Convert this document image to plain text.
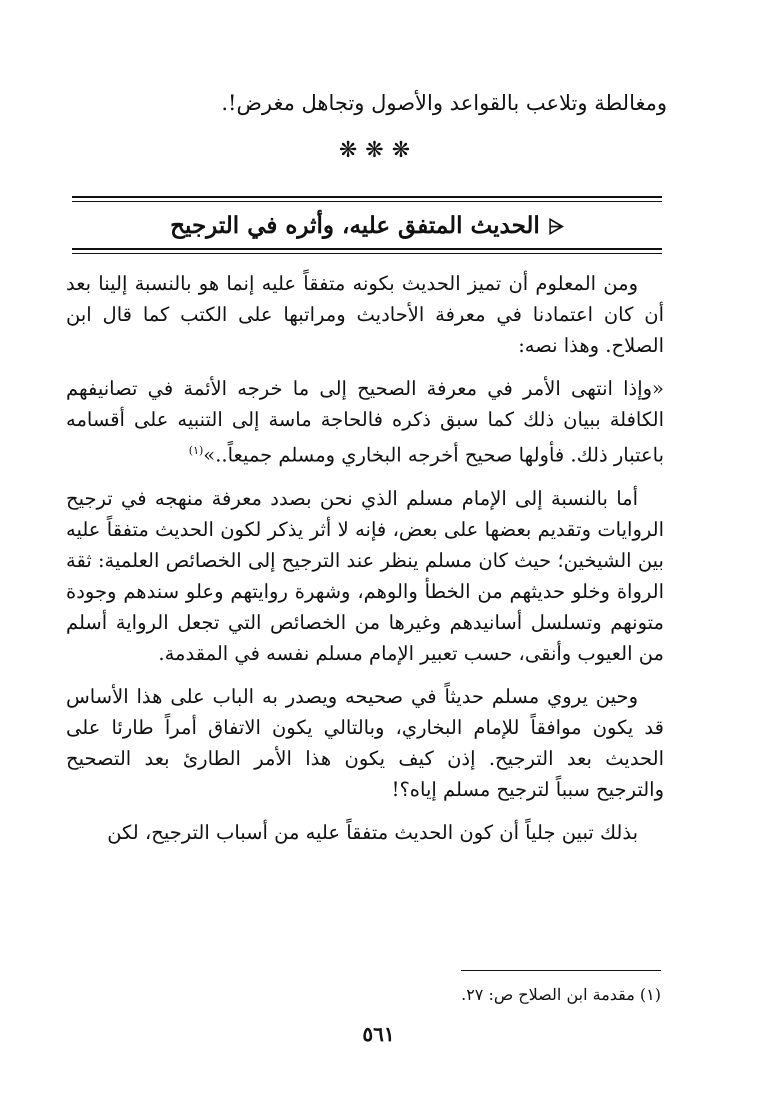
ومغالطة وتلاعب بالقواعد والأصول وتجاهل مغرض!.
❋❋❋
⩤الحديث المتفق عليه، وأثره في الترجيح

ومن المعلوم أن تميز الحديث بكونه متفقاً عليه إنما هو بالنسبة إلينا بعد أن كان اعتمادنا في معرفة الأحاديث ومراتبها على الكتب كما قال ابن الصلاح. وهذا نصه:

«وإذا انتهى الأمر في معرفة الصحيح إلى ما خرجه الأئمة في تصانيفهم الكافلة ببيان ذلك كما سبق ذكره فالحاجة ماسة إلى التنبيه على أقسامه باعتبار ذلك. فأولها صحيح أخرجه البخاري ومسلم جميعاً..»$^{(١)}$

أما بالنسبة إلى الإمام مسلم الذي نحن بصدد معرفة منهجه في ترجيح الروايات وتقديم بعضها على بعض، فإنه لا أثر يذكر لكون الحديث متفقاً عليه بين الشيخين؛ حيث كان مسلم ينظر عند الترجيح إلى الخصائص العلمية: ثقة الرواة وخلو حديثهم من الخطأ والوهم، وشهرة روايتهم وعلو سندهم وجودة متونهم وتسلسل أسانيدهم وغيرها من الخصائص التي تجعل الرواية أسلم من العيوب وأنقى، حسب تعبير الإمام مسلم نفسه في المقدمة.

وحين يروي مسلم حديثاً في صحيحه ويصدر به الباب على هذا الأساس قد يكون موافقاً للإمام البخاري، وبالتالي يكون الاتفاق أمراً طارئا على الحديث بعد الترجيح. إذن كيف يكون هذا الأمر الطارئ بعد التصحيح والترجيح سبباً لترجيح مسلم إياه؟!

بذلك تبين جلياً أن كون الحديث متفقاً عليه من أسباب الترجيح، لكن

(١) مقدمة ابن الصلاح ص: ٢٧.
٥٦١
